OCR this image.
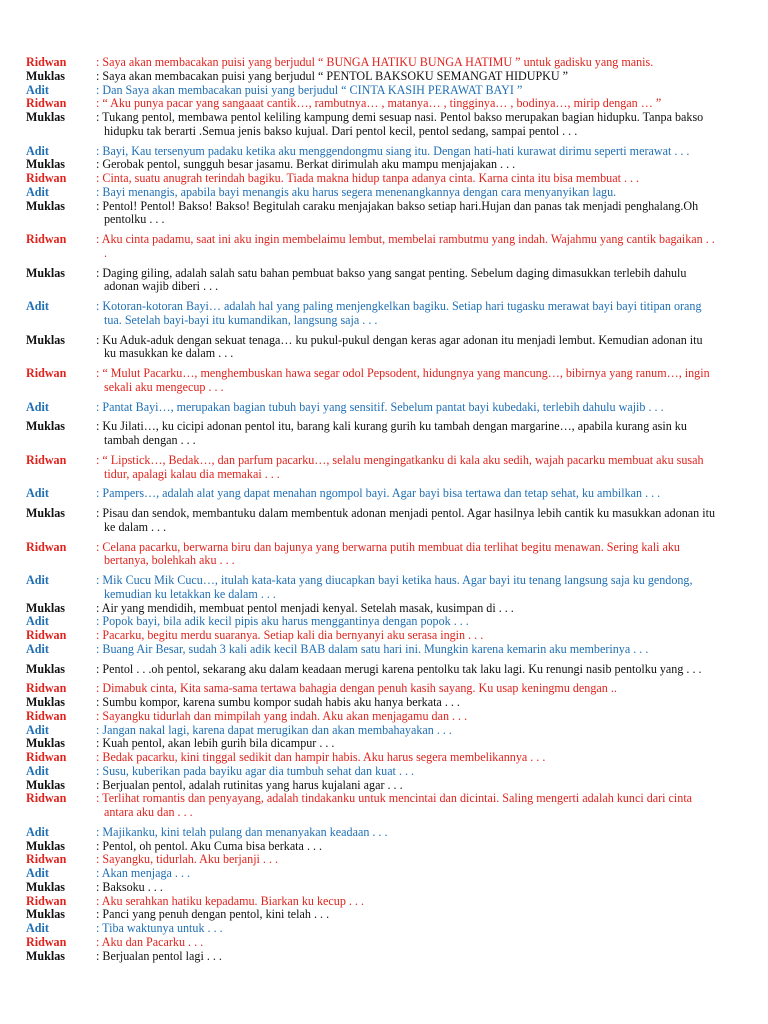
Ridwan	: Saya akan membacakan puisi yang berjudul “ BUNGA HATIKU BUNGA HATIMU ” untuk gadisku yang manis.
Muklas	: Saya akan membacakan puisi yang berjudul “ PENTOL BAKSOKU SEMANGAT HIDUPKU ”
Adit	: Dan Saya akan membacakan puisi yang berjudul “ CINTA KASIH PERAWAT BAYI ”
Ridwan	: “ Aku punya pacar yang sangaaat cantik…, rambutnya… , matanya… , tingginya… , bodinya…, mirip dengan … ”
Muklas	: Tukang pentol, membawa pentol keliling kampung demi sesuap nasi. Pentol bakso merupakan bagian hidupku. Tanpa bakso hidupku tak berarti .Semua jenis bakso kujual. Dari pentol kecil, pentol sedang, sampai pentol . . .
Adit	: Bayi, Kau tersenyum padaku ketika aku menggendongmu siang itu. Dengan hati-hati kurawat dirimu seperti merawat . . .
Muklas	: Gerobak pentol, sungguh besar jasamu. Berkat dirimulah aku mampu menjajakan . . .
Ridwan	: Cinta, suatu anugrah terindah bagiku. Tiada makna hidup tanpa adanya cinta. Karna cinta itu bisa membuat . . .
Adit	: Bayi menangis, apabila bayi menangis aku harus segera menenangkannya dengan cara menyanyikan lagu.
Muklas	: Pentol! Pentol! Bakso! Bakso! Begitulah caraku menjajakan bakso setiap hari.Hujan dan panas tak menjadi penghalang.Oh pentolku . . .
Ridwan	: Aku cinta padamu, saat ini aku ingin membelaimu lembut, membelai rambutmu yang indah. Wajahmu yang cantik bagaikan . . .
Muklas	: Daging giling, adalah salah satu bahan pembuat bakso yang sangat penting. Sebelum daging dimasukkan terlebih dahulu adonan wajib diberi . . .
Adit	: Kotoran-kotoran Bayi… adalah hal yang paling menjengkelkan bagiku. Setiap hari tugasku merawat bayi bayi titipan orang tua. Setelah bayi-bayi itu kumandikan, langsung saja . . .
Muklas	: Ku Aduk-aduk dengan sekuat tenaga… ku pukul-pukul dengan keras agar adonan itu menjadi lembut. Kemudian adonan itu ku masukkan ke dalam . . .
Ridwan	: “ Mulut Pacarku…, menghembuskan hawa segar odol Pepsodent, hidungnya yang mancung…, bibirnya yang ranum…, ingin sekali aku mengecup . . .
Adit	: Pantat Bayi…, merupakan bagian tubuh bayi yang sensitif. Sebelum pantat bayi kubedaki, terlebih dahulu wajib . . .
Muklas	: Ku Jilati…, ku cicipi adonan pentol itu, barang kali kurang gurih ku tambah dengan margarine…, apabila kurang asin ku tambah dengan . . .
Ridwan	: “ Lipstick…, Bedak…, dan parfum pacarku…, selalu mengingatkanku di kala aku sedih, wajah pacarku membuat aku susah tidur, apalagi kalau dia memakai . . .
Adit	: Pampers…, adalah alat yang dapat menahan ngompol bayi. Agar bayi bisa tertawa dan tetap sehat, ku ambilkan . . .
Muklas	: Pisau dan sendok, membantuku dalam membentuk adonan menjadi pentol. Agar hasilnya lebih cantik ku masukkan adonan itu ke dalam . . .
Ridwan	: Celana pacarku, berwarna biru dan bajunya yang berwarna putih membuat dia terlihat begitu menawan. Sering kali aku bertanya, bolehkah aku . . .
Adit	: Mik Cucu Mik Cucu…, itulah kata-kata yang diucapkan bayi ketika haus. Agar bayi itu tenang langsung saja ku gendong, kemudian ku letakkan ke dalam . . .
Muklas	: Air yang mendidih, membuat pentol menjadi kenyal. Setelah masak, kusimpan di . . .
Adit	: Popok bayi, bila adik kecil pipis aku harus menggantinya dengan popok . . .
Ridwan	: Pacarku, begitu merdu suaranya. Setiap kali dia bernyanyi aku serasa ingin . . .
Adit	: Buang Air Besar, sudah 3 kali adik kecil BAB dalam satu hari ini. Mungkin karena kemarin aku memberinya . . .
Muklas	: Pentol . . .oh pentol, sekarang aku dalam keadaan merugi karena pentolku tak laku lagi. Ku renungi nasib pentolku yang . . .
Ridwan	: Dimabuk cinta, Kita sama-sama tertawa bahagia dengan penuh kasih sayang. Ku usap keningmu dengan ..
Muklas	: Sumbu kompor, karena sumbu kompor sudah habis aku hanya berkata . . .
Ridwan	: Sayangku tidurlah dan mimpilah yang indah. Aku akan menjagamu dan . . .
Adit	: Jangan nakal lagi, karena dapat merugikan dan akan membahayakan . . .
Muklas	: Kuah pentol, akan lebih gurih bila dicampur . . .
Ridwan	: Bedak pacarku, kini tinggal sedikit dan hampir habis. Aku harus segera membelikannya . . .
Adit	: Susu, kuberikan pada bayiku agar dia tumbuh sehat dan kuat . . .
Muklas	: Berjualan pentol, adalah rutinitas yang harus kujalani agar . . .
Ridwan	: Terlihat romantis dan penyayang, adalah tindakanku untuk mencintai dan dicintai. Saling mengerti adalah kunci dari cinta antara aku dan . . .
Adit	: Majikanku, kini telah pulang dan menanyakan keadaan . . .
Muklas	: Pentol, oh pentol. Aku Cuma bisa berkata . . .
Ridwan	: Sayangku, tidurlah. Aku berjanji . . .
Adit	: Akan menjaga . . .
Muklas	: Baksoku . . .
Ridwan	: Aku serahkan hatiku kepadamu. Biarkan ku kecup . . .
Muklas	: Panci yang penuh dengan pentol, kini telah . . .
Adit	: Tiba waktunya untuk . . .
Ridwan	: Aku dan Pacarku . . .
Muklas	: Berjualan pentol lagi . . .
